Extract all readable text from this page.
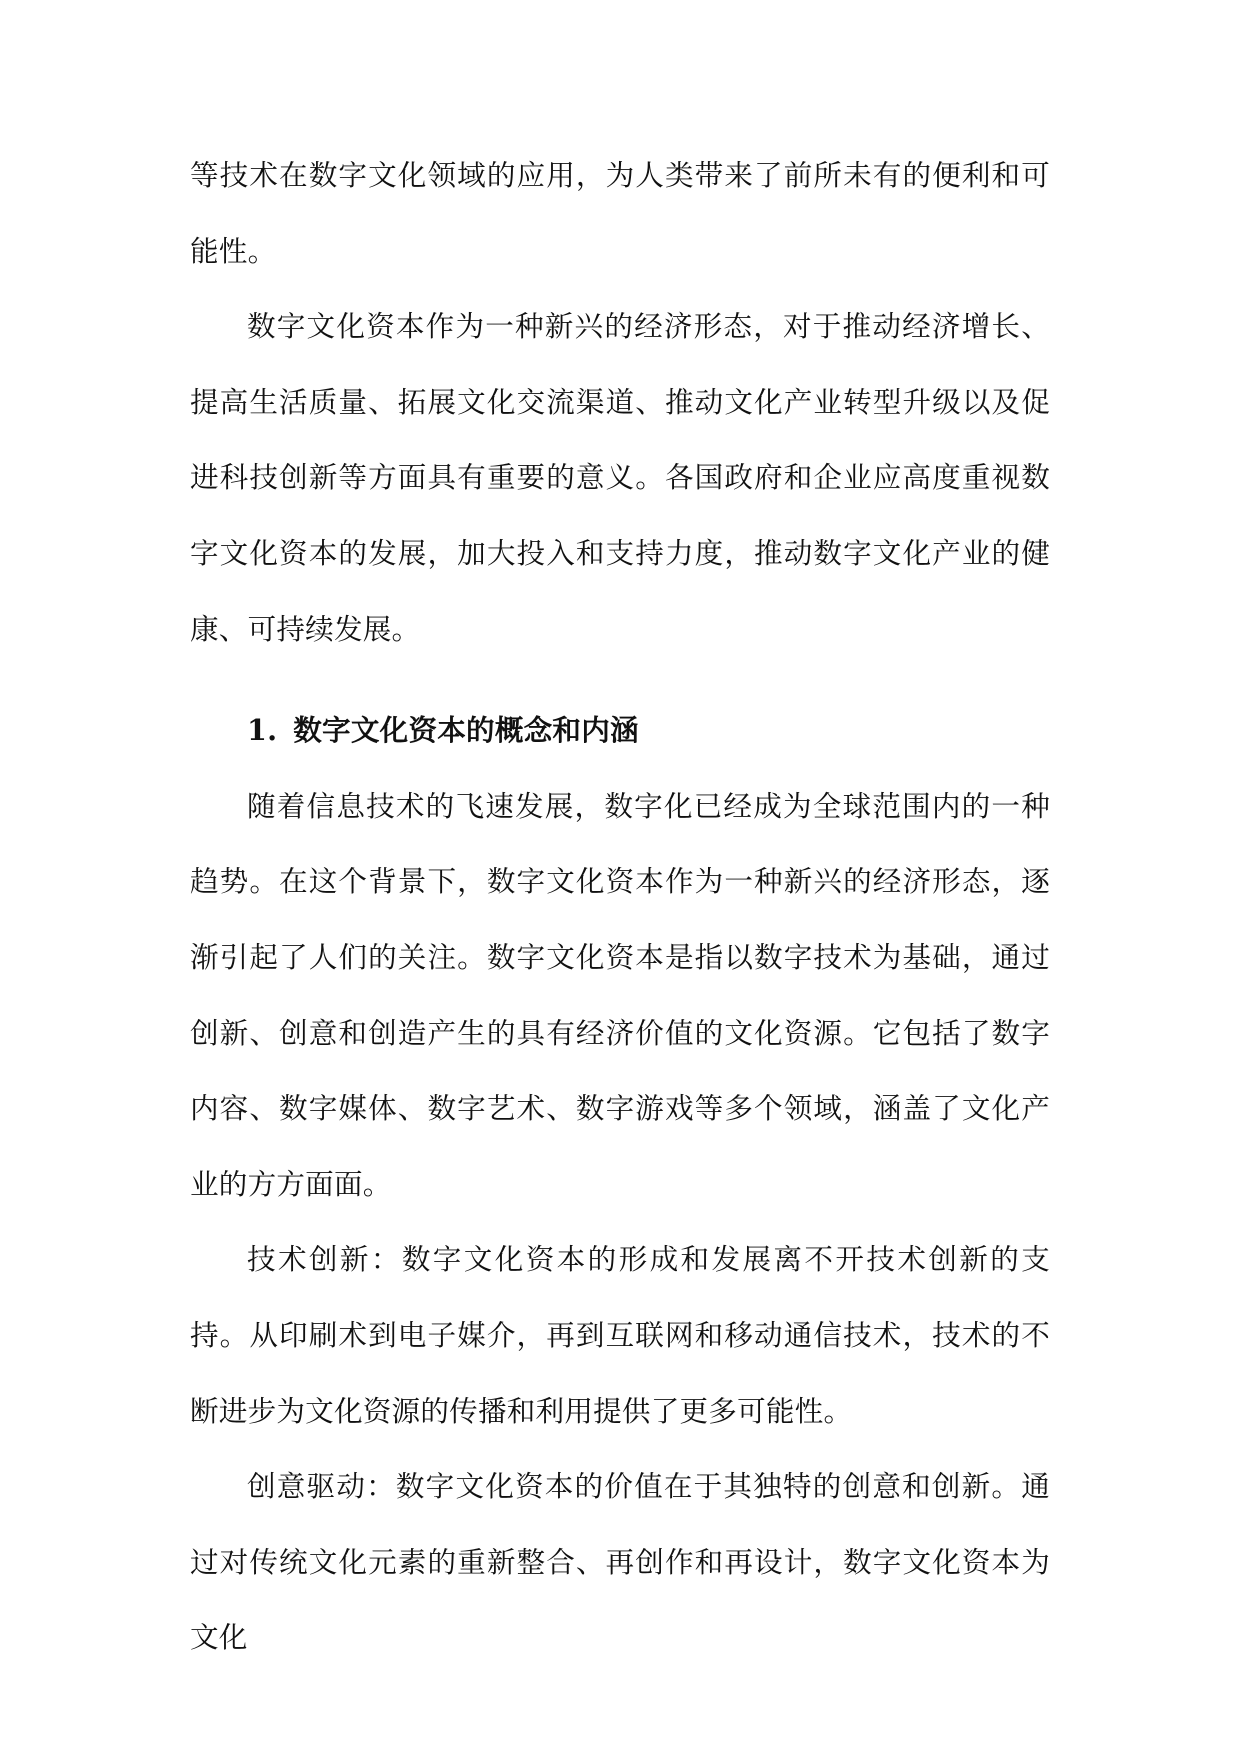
等技术在数字文化领域的应用，为人类带来了前所未有的便利和可能性。

数字文化资本作为一种新兴的经济形态，对于推动经济增长、提高生活质量、拓展文化交流渠道、推动文化产业转型升级以及促进科技创新等方面具有重要的意义。各国政府和企业应高度重视数字文化资本的发展，加大投入和支持力度，推动数字文化产业的健康、可持续发展。

1. 数字文化资本的概念和内涵

随着信息技术的飞速发展，数字化已经成为全球范围内的一种趋势。在这个背景下，数字文化资本作为一种新兴的经济形态，逐渐引起了人们的关注。数字文化资本是指以数字技术为基础，通过创新、创意和创造产生的具有经济价值的文化资源。它包括了数字内容、数字媒体、数字艺术、数字游戏等多个领域，涵盖了文化产业的方方面面。

技术创新：数字文化资本的形成和发展离不开技术创新的支持。从印刷术到电子媒介，再到互联网和移动通信技术，技术的不断进步为文化资源的传播和利用提供了更多可能性。

创意驱动：数字文化资本的价值在于其独特的创意和创新。通过对传统文化元素的重新整合、再创作和再设计，数字文化资本为文化
